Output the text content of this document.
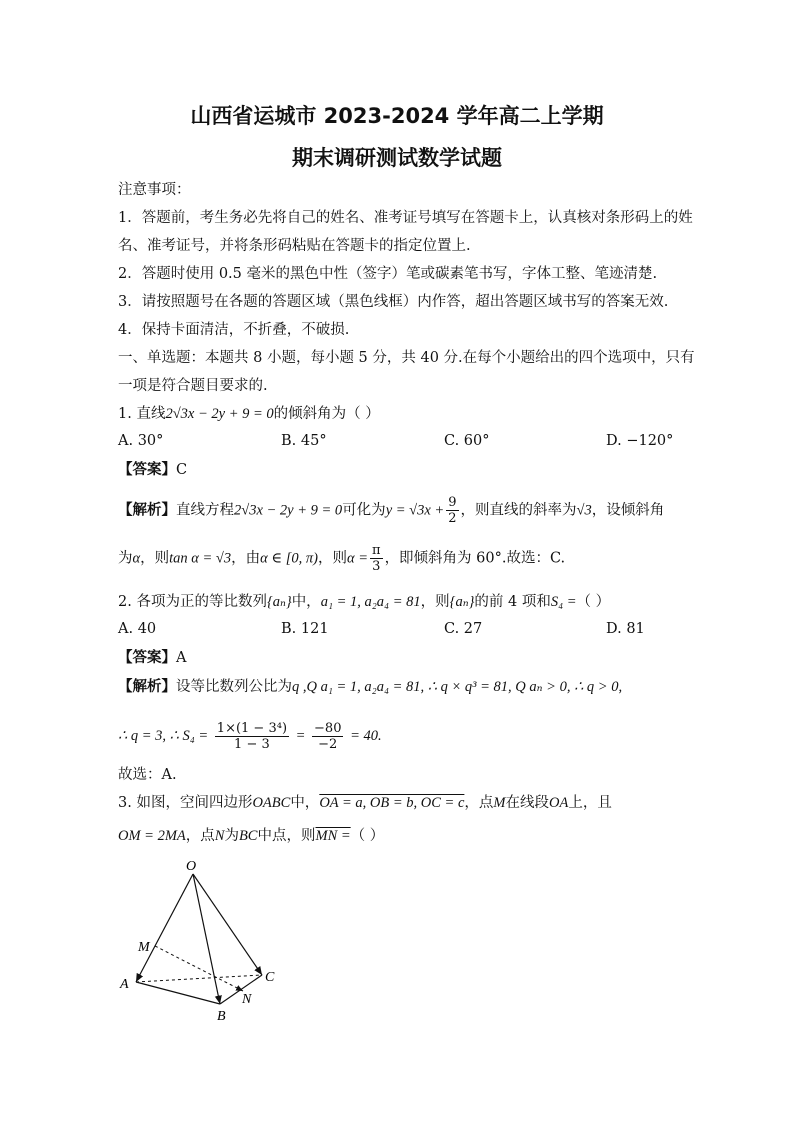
山西省运城市 2023-2024 学年高二上学期
期末调研测试数学试题
注意事项：
1．答题前，考生务必先将自己的姓名、准考证号填写在答题卡上，认真核对条形码上的姓
名、准考证号，并将条形码粘贴在答题卡的指定位置上.
2．答题时使用 0.5 毫米的黑色中性（签字）笔或碳素笔书写，字体工整、笔迹清楚.
3．请按照题号在各题的答题区域（黑色线框）内作答，超出答题区域书写的答案无效.
4．保持卡面清洁，不折叠，不破损.
一、单选题：本题共 8 小题，每小题 5 分，共 40 分.在每个小题给出的四个选项中，只有
一项是符合题目要求的.
1. 直线2√3x − 2y + 9 = 0的倾斜角为（ ）
A. 30°	B. 45°	C. 60°	D. −120°
【答案】C
【解析】直线方程2√3x − 2y + 9 = 0可化为$y = √3x + \frac{9}{2}$ ，则直线的斜率为√3，设倾斜角
为α，则tan α = √3，由α ∈ [0, π)，则$\alpha = \frac{\pi}{3}$ ，即倾斜角为 60°.故选：C.
2. 各项为正的等比数列{aₙ}中，a₁ = 1, a₂a₄ = 81，则{aₙ}的前 4 项和S₄ =（ ）
A. 40	B. 121	C. 27	D. 81
【答案】A
【解析】设等比数列公比为q ,Q a₁ = 1, a₂a₄ = 81, ∴ q × q³ = 81, Q aₙ > 0, ∴ q > 0,
∴ q = 3, ∴ $S_4 = \frac{\text{1×(1 − 3⁴)}}{1 - 3} = \frac{-80}{-2} = 40$.
故选：A.
3. 如图，空间四边形OABC中，OA = a, OB = b, OC = c，点M在线段OA上，且
OM = 2MA，点N为BC中点，则MN =（ ）
O
M
A
B
C
N
